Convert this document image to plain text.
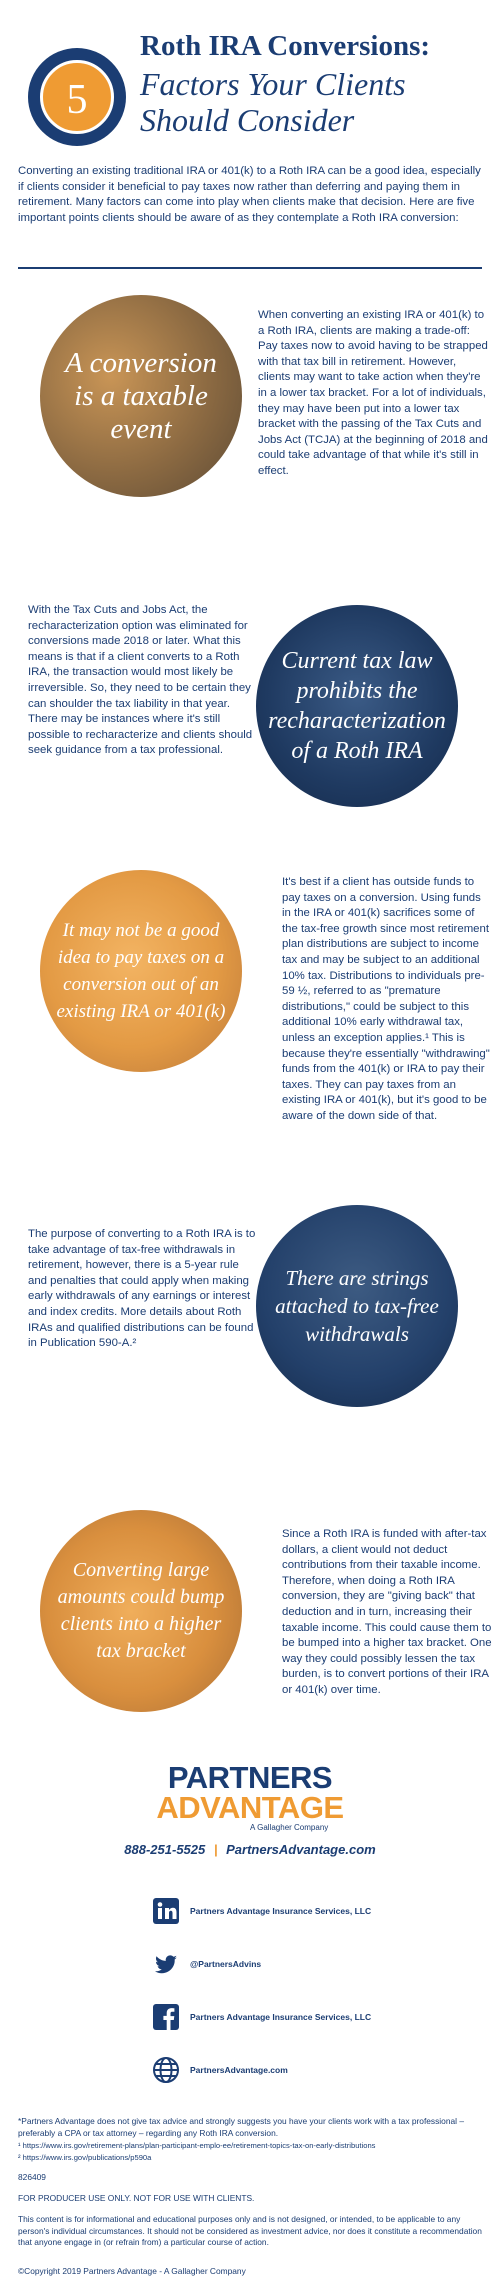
5
Roth IRA Conversions:
Factors Your Clients Should Consider
Converting an existing traditional IRA or 401(k) to a Roth IRA can be a good idea, especially if clients consider it beneficial to pay taxes now rather than deferring and paying them in retirement. Many factors can come into play when clients make that decision. Here are five important points clients should be aware of as they contemplate a Roth IRA conversion:
A conversion is a taxable event
When converting an existing IRA or 401(k) to a Roth IRA, clients are making a trade-off: Pay taxes now to avoid having to be strapped with that tax bill in retirement. However, clients may want to take action when they're in a lower tax bracket. For a lot of individuals, they may have been put into a lower tax bracket with the passing of the Tax Cuts and Jobs Act (TCJA) at the beginning of 2018 and could take advantage of that while it's still in effect.
With the Tax Cuts and Jobs Act, the recharacterization option was eliminated for conversions made 2018 or later. What this means is that if a client converts to a Roth IRA, the transaction would most likely be irreversible. So, they need to be certain they can shoulder the tax liability in that year. There may be instances where it's still possible to recharacterize and clients should seek guidance from a tax professional.
Current tax law prohibits the recharacterization of a Roth IRA
It may not be a good idea to pay taxes on a conversion out of an existing IRA or 401(k)
It's best if a client has outside funds to pay taxes on a conversion. Using funds in the IRA or 401(k) sacrifices some of the tax-free growth since most retirement plan distributions are subject to income tax and may be subject to an additional 10% tax. Distributions to individuals pre- 59 ½, referred to as "premature distributions," could be subject to this additional 10% early withdrawal tax, unless an exception applies.¹ This is because they're essentially "withdrawing" funds from the 401(k) or IRA to pay their taxes. They can pay taxes from an existing IRA or 401(k), but it's good to be aware of the down side of that.
The purpose of converting to a Roth IRA is to take advantage of tax-free withdrawals in retirement, however, there is a 5-year rule and penalties that could apply when making early withdrawals of any earnings or interest and index credits. More details about Roth IRAs and qualified distributions can be found in Publication 590-A.²
There are strings attached to tax-free withdrawals
Converting large amounts could bump clients into a higher tax bracket
Since a Roth IRA is funded with after-tax dollars, a client would not deduct contributions from their taxable income. Therefore, when doing a Roth IRA conversion, they are "giving back" that deduction and in turn, increasing their taxable income. This could cause them to be bumped into a higher tax bracket. One way they could possibly lessen the tax burden, is to convert portions of their IRA or 401(k) over time.
PARTNERS
ADVANTAGE
A Gallagher Company
888-251-5525 | PartnersAdvantage.com
Partners Advantage Insurance Services, LLC
@PartnersAdvins
Partners Advantage Insurance Services, LLC
PartnersAdvantage.com
*Partners Advantage does not give tax advice and strongly suggests you have your clients work with a tax professional – preferably a CPA or tax attorney – regarding any Roth IRA conversion.
¹ https://www.irs.gov/retirement-plans/plan-participant-emplo-ee/retirement-topics-tax-on-early-distributions
² https://www.irs.gov/publications/p590a
826409
FOR PRODUCER USE ONLY. NOT FOR USE WITH CLIENTS.
This content is for informational and educational purposes only and is not designed, or intended, to be applicable to any person's individual circumstances. It should not be considered as investment advice, nor does it constitute a recommendation that anyone engage in (or refrain from) a particular course of action.
©Copyright 2019 Partners Advantage - A Gallagher Company
